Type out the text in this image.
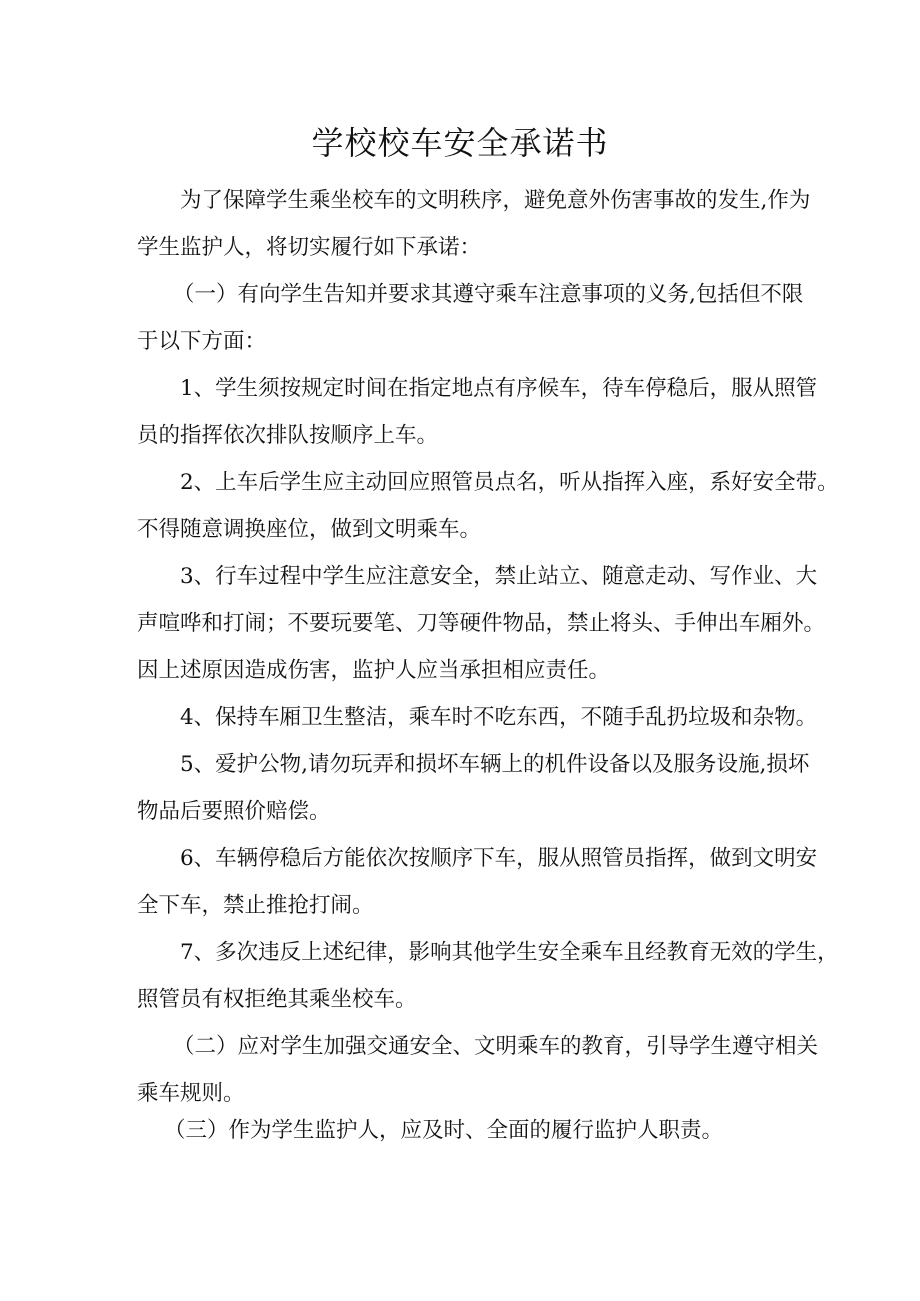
学校校车安全承诺书
为了保障学生乘坐校车的文明秩序，避免意外伤害事故的发生,作为
学生监护人，将切实履行如下承诺：
（一）有向学生告知并要求其遵守乘车注意事项的义务,包括但不限
于以下方面：
1、学生须按规定时间在指定地点有序候车，待车停稳后，服从照管
员的指挥依次排队按顺序上车。
2、上车后学生应主动回应照管员点名，听从指挥入座，系好安全带。
不得随意调换座位，做到文明乘车。
3、行车过程中学生应注意安全，禁止站立、随意走动、写作业、大
声喧哗和打闹；不要玩要笔、刀等硬件物品，禁止将头、手伸出车厢外。
因上述原因造成伤害，监护人应当承担相应责任。
4、保持车厢卫生整洁，乘车时不吃东西，不随手乱扔垃圾和杂物。
5、爱护公物,请勿玩弄和损坏车辆上的机件设备以及服务设施,损坏
物品后要照价赔偿。
6、车辆停稳后方能依次按顺序下车，服从照管员指挥，做到文明安
全下车，禁止推抢打闹。
7、多次违反上述纪律，影响其他学生安全乘车且经教育无效的学生，
照管员有权拒绝其乘坐校车。
（二）应对学生加强交通安全、文明乘车的教育，引导学生遵守相关
乘车规则。
（三）作为学生监护人，应及时、全面的履行监护人职责。
